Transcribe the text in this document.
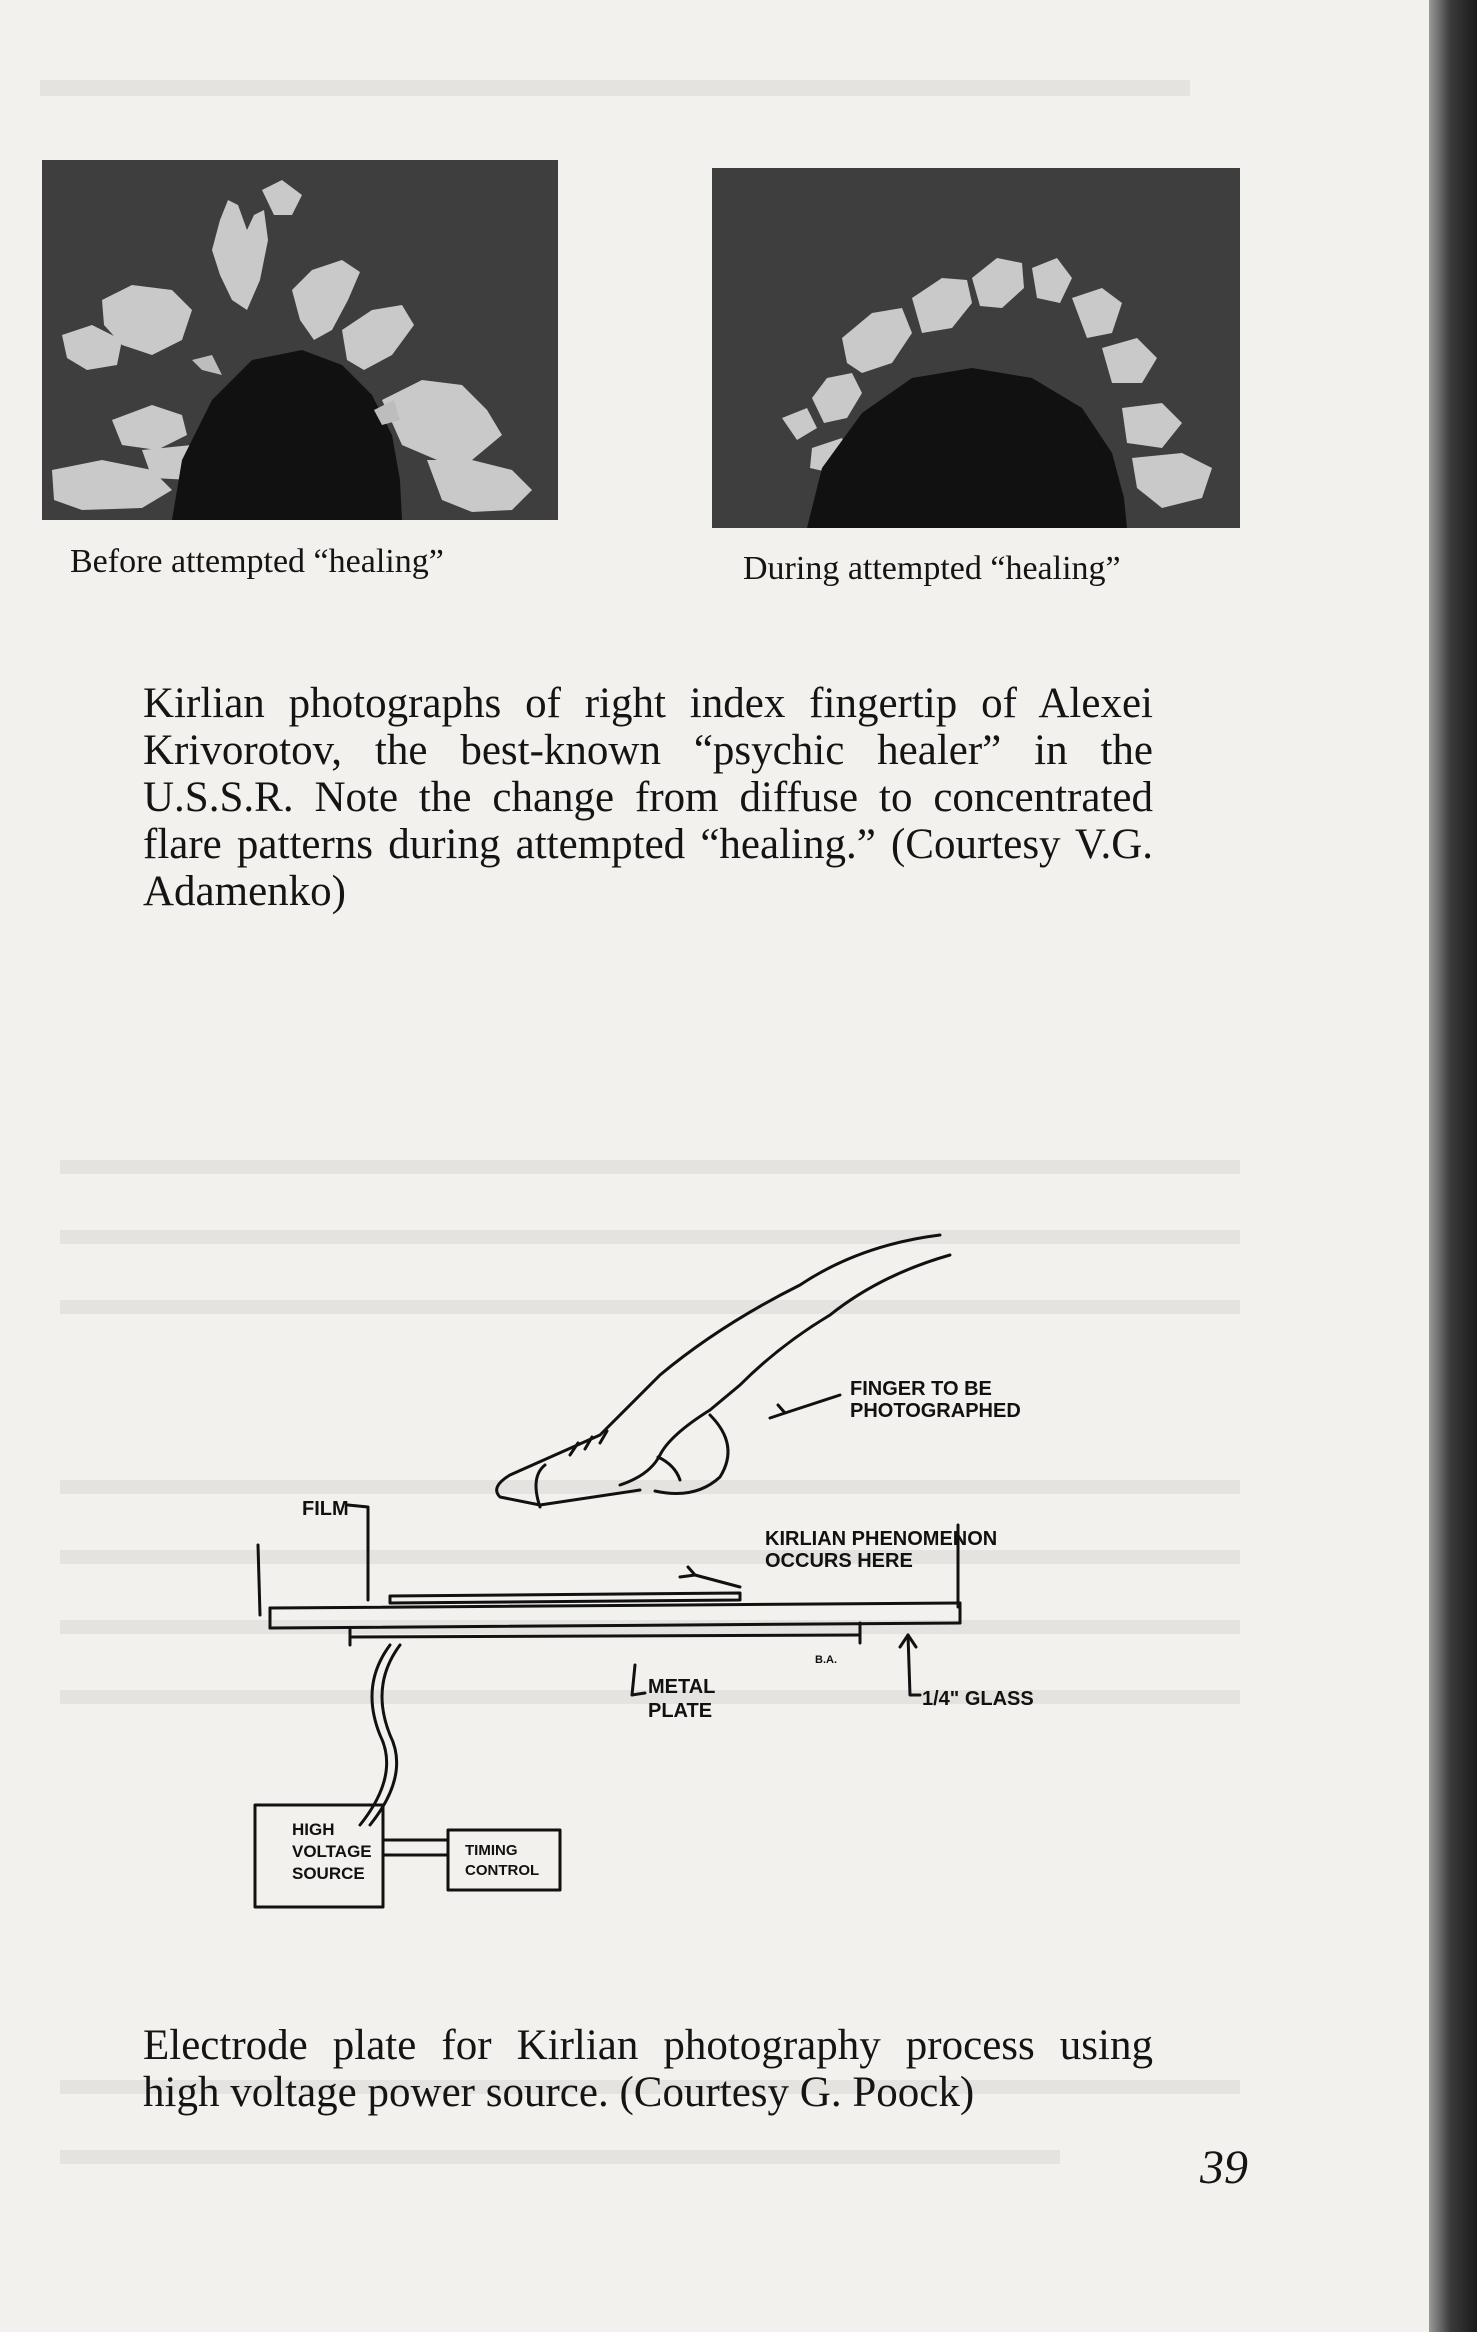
Before attempted “healing”	During attempted “healing”
Kirlian photographs of right index fingertip of Alexei Krivorotov, the best-known “psychic healer” in the U.S.S.R. Note the change from diffuse to concentrated flare patterns during attempted “healing.” (Courtesy V.G. Adamenko)
FINGER TO BE
PHOTOGRAPHED
FILM
KIRLIAN PHENOMENON
OCCURS HERE
METAL
PLATE
1/4" GLASS
B.A.
HIGH
VOLTAGE
SOURCE
TIMING
CONTROL
Electrode plate for Kirlian photography process using high voltage power source. (Courtesy G. Poock)
39
